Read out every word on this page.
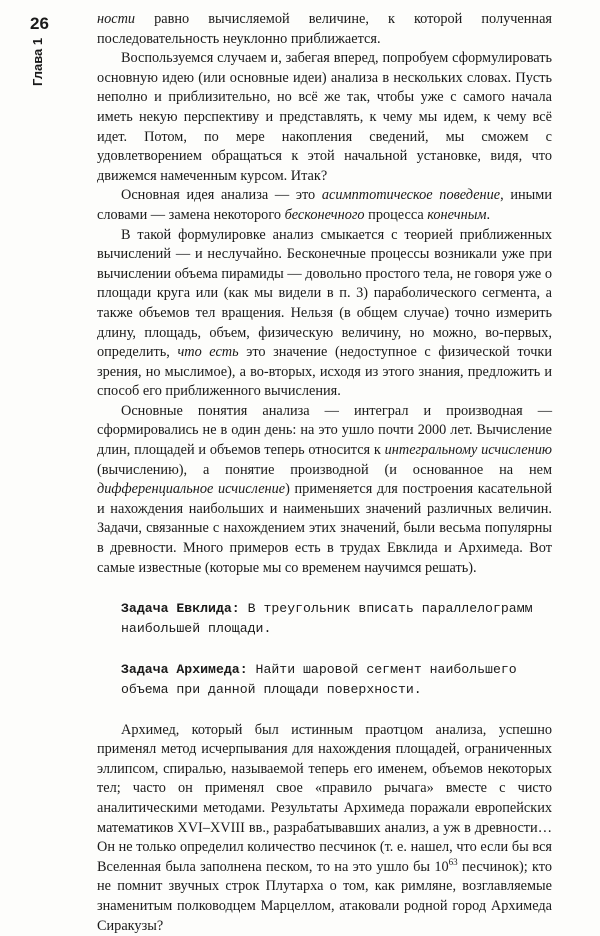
26
Глава 1

ности равно вычисляемой величине, к которой полученная последовательность неуклонно приближается.

Воспользуемся случаем и, забегая вперед, попробуем сформулировать основную идею (или основные идеи) анализа в нескольких словах. Пусть неполно и приблизительно, но всё же так, чтобы уже с самого начала иметь некую перспективу и представлять, к чему мы идем, к чему всё идет. Потом, по мере накопления сведений, мы сможем с удовлетворением обращаться к этой начальной установке, видя, что движемся намеченным курсом. Итак?

Основная идея анализа — это асимптотическое поведение, иными словами — замена некоторого бесконечного процесса конечным.

В такой формулировке анализ смыкается с теорией приближенных вычислений — и неслучайно. Бесконечные процессы возникали уже при вычислении объема пирамиды — довольно простого тела, не говоря уже о площади круга или (как мы видели в п. 3) параболического сегмента, а также объемов тел вращения. Нельзя (в общем случае) точно измерить длину, площадь, объем, физическую величину, но можно, во-первых, определить, что есть это значение (недоступное с физической точки зрения, но мыслимое), а во-вторых, исходя из этого знания, предложить и способ его приближенного вычисления.

Основные понятия анализа — интеграл и производная — сформировались не в один день: на это ушло почти 2000 лет. Вычисление длин, площадей и объемов теперь относится к интегральному исчислению (вычислению), а понятие производной (и основанное на нем дифференциальное исчисление) применяется для построения касательной и нахождения наибольших и наименьших значений различных величин. Задачи, связанные с нахождением этих значений, были весьма популярны в древности. Много примеров есть в трудах Евклида и Архимеда. Вот самые известные (которые мы со временем научимся решать).

Задача Евклида: В треугольник вписать параллелограмм наибольшей площади.
Задача Архимеда: Найти шаровой сегмент наибольшего объема при данной площади поверхности.

Архимед, который был истинным праотцом анализа, успешно применял метод исчерпывания для нахождения площадей, ограниченных эллипсом, спиралью, называемой теперь его именем, объемов некоторых тел; часто он применял свое «правило рычага» вместе с чисто аналитическими методами. Результаты Архимеда поражали европейских математиков XVI–XVIII вв., разрабатывавших анализ, а уж в древности… Он не только определил количество песчинок (т. е. нашел, что если бы вся Вселенная была заполнена песком, то на это ушло бы $10^{63}$ песчинок); кто не помнит звучных строк Плутарха о том, как римляне, возглавляемые знаменитым полководцем Марцеллом, атаковали родной город Архимеда Сиракузы?
